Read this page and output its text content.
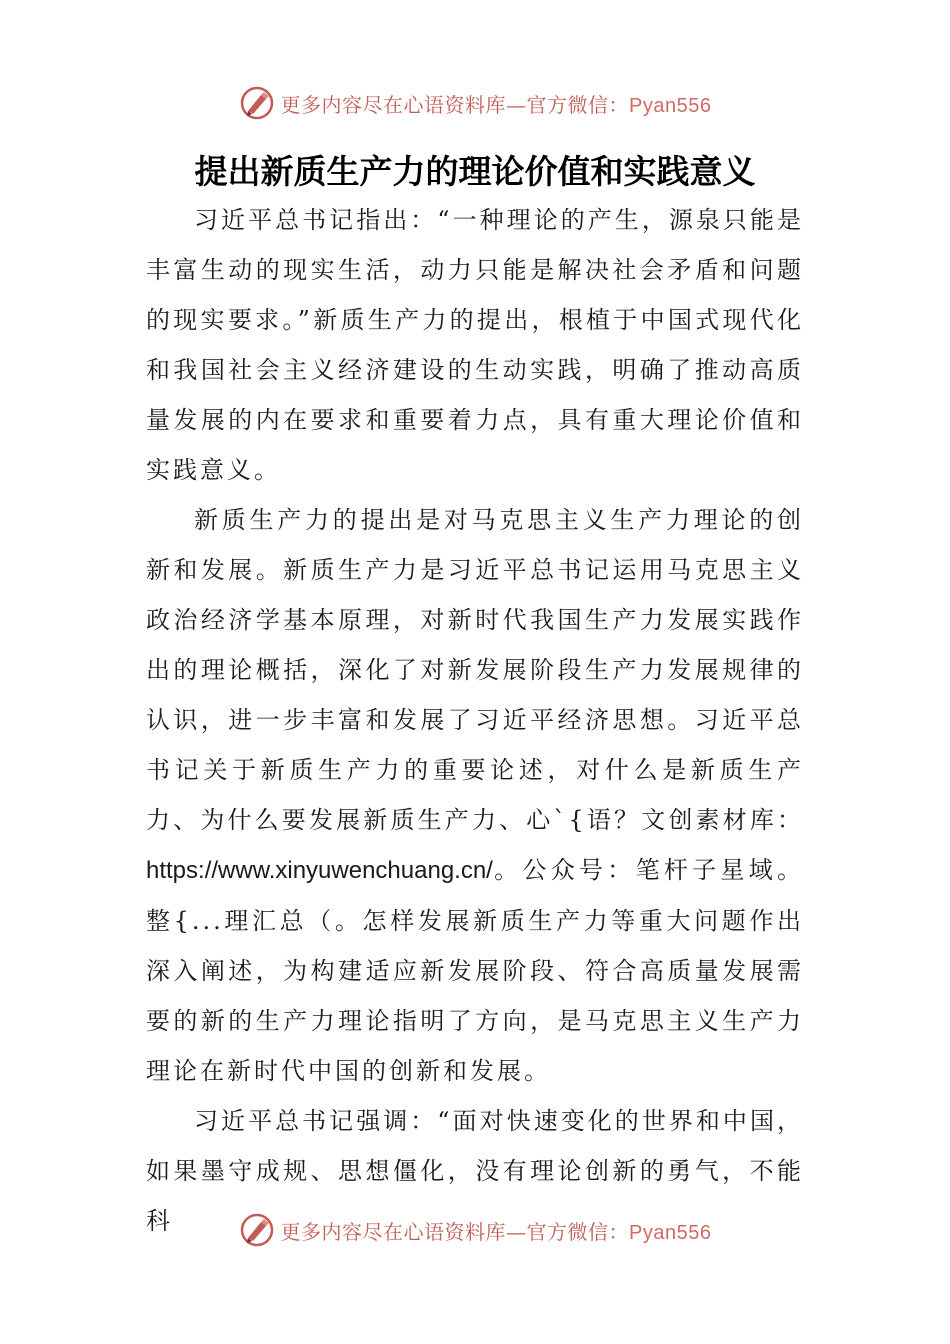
更多内容尽在心语资料库—官方微信：Pyan556
提出新质生产力的理论价值和实践意义

习近平总书记指出：“一种理论的产生，源泉只能是丰富生动的现实生活，动力只能是解决社会矛盾和问题的现实要求。”新质生产力的提出，根植于中国式现代化和我国社会主义经济建设的生动实践，明确了推动高质量发展的内在要求和重要着力点，具有重大理论价值和实践意义。

新质生产力的提出是对马克思主义生产力理论的创新和发展。新质生产力是习近平总书记运用马克思主义政治经济学基本原理，对新时代我国生产力发展实践作出的理论概括，深化了对新发展阶段生产力发展规律的认识，进一步丰富和发展了习近平经济思想。习近平总书记关于新质生产力的重要论述，对什么是新质生产力、为什么要发展新质生产力、心`{语？文创素材库：https://www.xinyuwenchuang.cn/。公众号：笔杆子星域。整{...理汇总（。怎样发展新质生产力等重大问题作出深入阐述，为构建适应新发展阶段、符合高质量发展需要的新的生产力理论指明了方向，是马克思主义生产力理论在新时代中国的创新和发展。

习近平总书记强调：“面对快速变化的世界和中国，如果墨守成规、思想僵化，没有理论创新的勇气，不能科	更多内容尽在心语资料库—官方微信：Pyan556
